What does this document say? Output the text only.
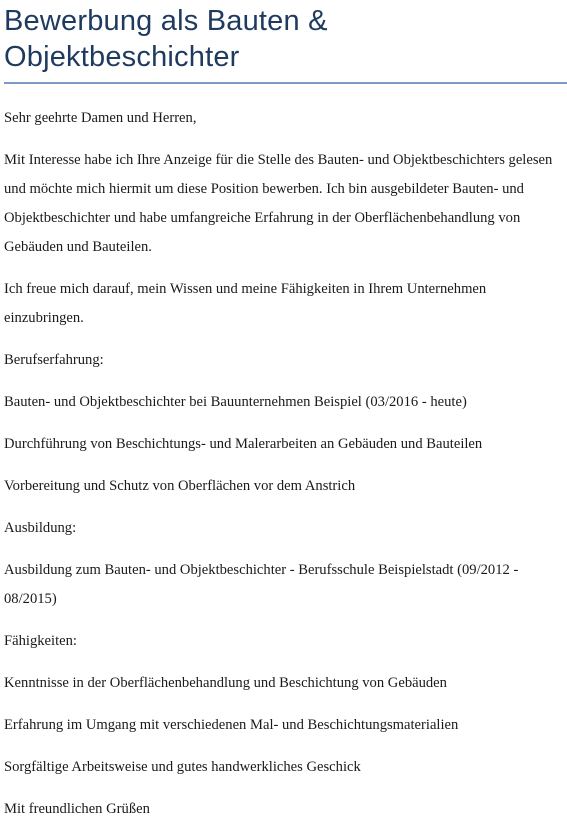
Bewerbung als Bauten & Objektbeschichter

Sehr geehrte Damen und Herren,

Mit Interesse habe ich Ihre Anzeige für die Stelle des Bauten- und Objektbeschichters gelesen und möchte mich hiermit um diese Position bewerben. Ich bin ausgebildeter Bauten- und Objektbeschichter und habe umfangreiche Erfahrung in der Oberflächenbehandlung von Gebäuden und Bauteilen.

Ich freue mich darauf, mein Wissen und meine Fähigkeiten in Ihrem Unternehmen einzubringen.

Berufserfahrung:

Bauten- und Objektbeschichter bei Bauunternehmen Beispiel (03/2016 - heute)

Durchführung von Beschichtungs- und Malerarbeiten an Gebäuden und Bauteilen

Vorbereitung und Schutz von Oberflächen vor dem Anstrich

Ausbildung:

Ausbildung zum Bauten- und Objektbeschichter - Berufsschule Beispielstadt (09/2012 - 08/2015)

Fähigkeiten:

Kenntnisse in der Oberflächenbehandlung und Beschichtung von Gebäuden

Erfahrung im Umgang mit verschiedenen Mal- und Beschichtungsmaterialien

Sorgfältige Arbeitsweise und gutes handwerkliches Geschick

Mit freundlichen Grüßen
